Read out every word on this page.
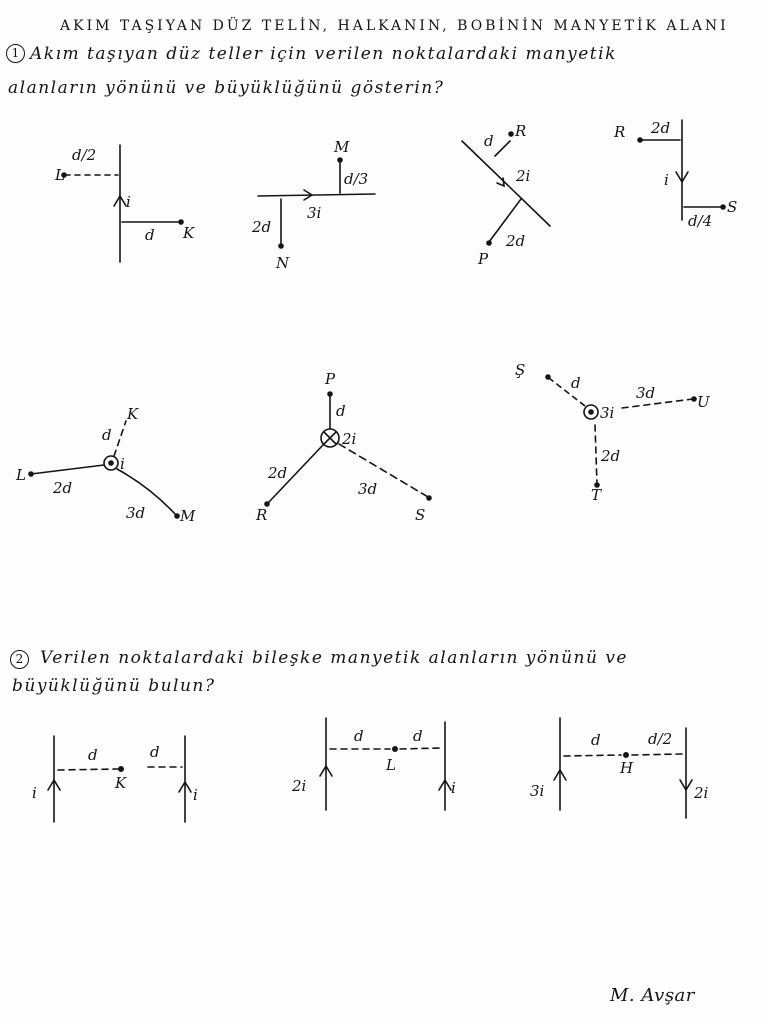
AKIM TAŞIYAN DÜZ TELİN, HALKANIN, BOBİNİN MANYETİK ALANI
1 Akım taşıyan düz teller için verilen noktalardaki manyetik
alanların yönünü ve büyüklüğünü gösterin?
2 Verilen noktalardaki bileşke manyetik alanların yönünü ve
büyüklüğünü bulun?
d/2
L
i
d K
M
d/3
3i
2d
N
d
R
2i
2d
P
R 2d
i
d/4
S
K
d
i
L
2d
3d M
P
d
2i
2d
R
3d
S
Ş
d
3i
3d	U
2d
T
i
d
K
d
i	2i
d
L
d
i	3i
d
H
d/2
2i
M. Avşar
